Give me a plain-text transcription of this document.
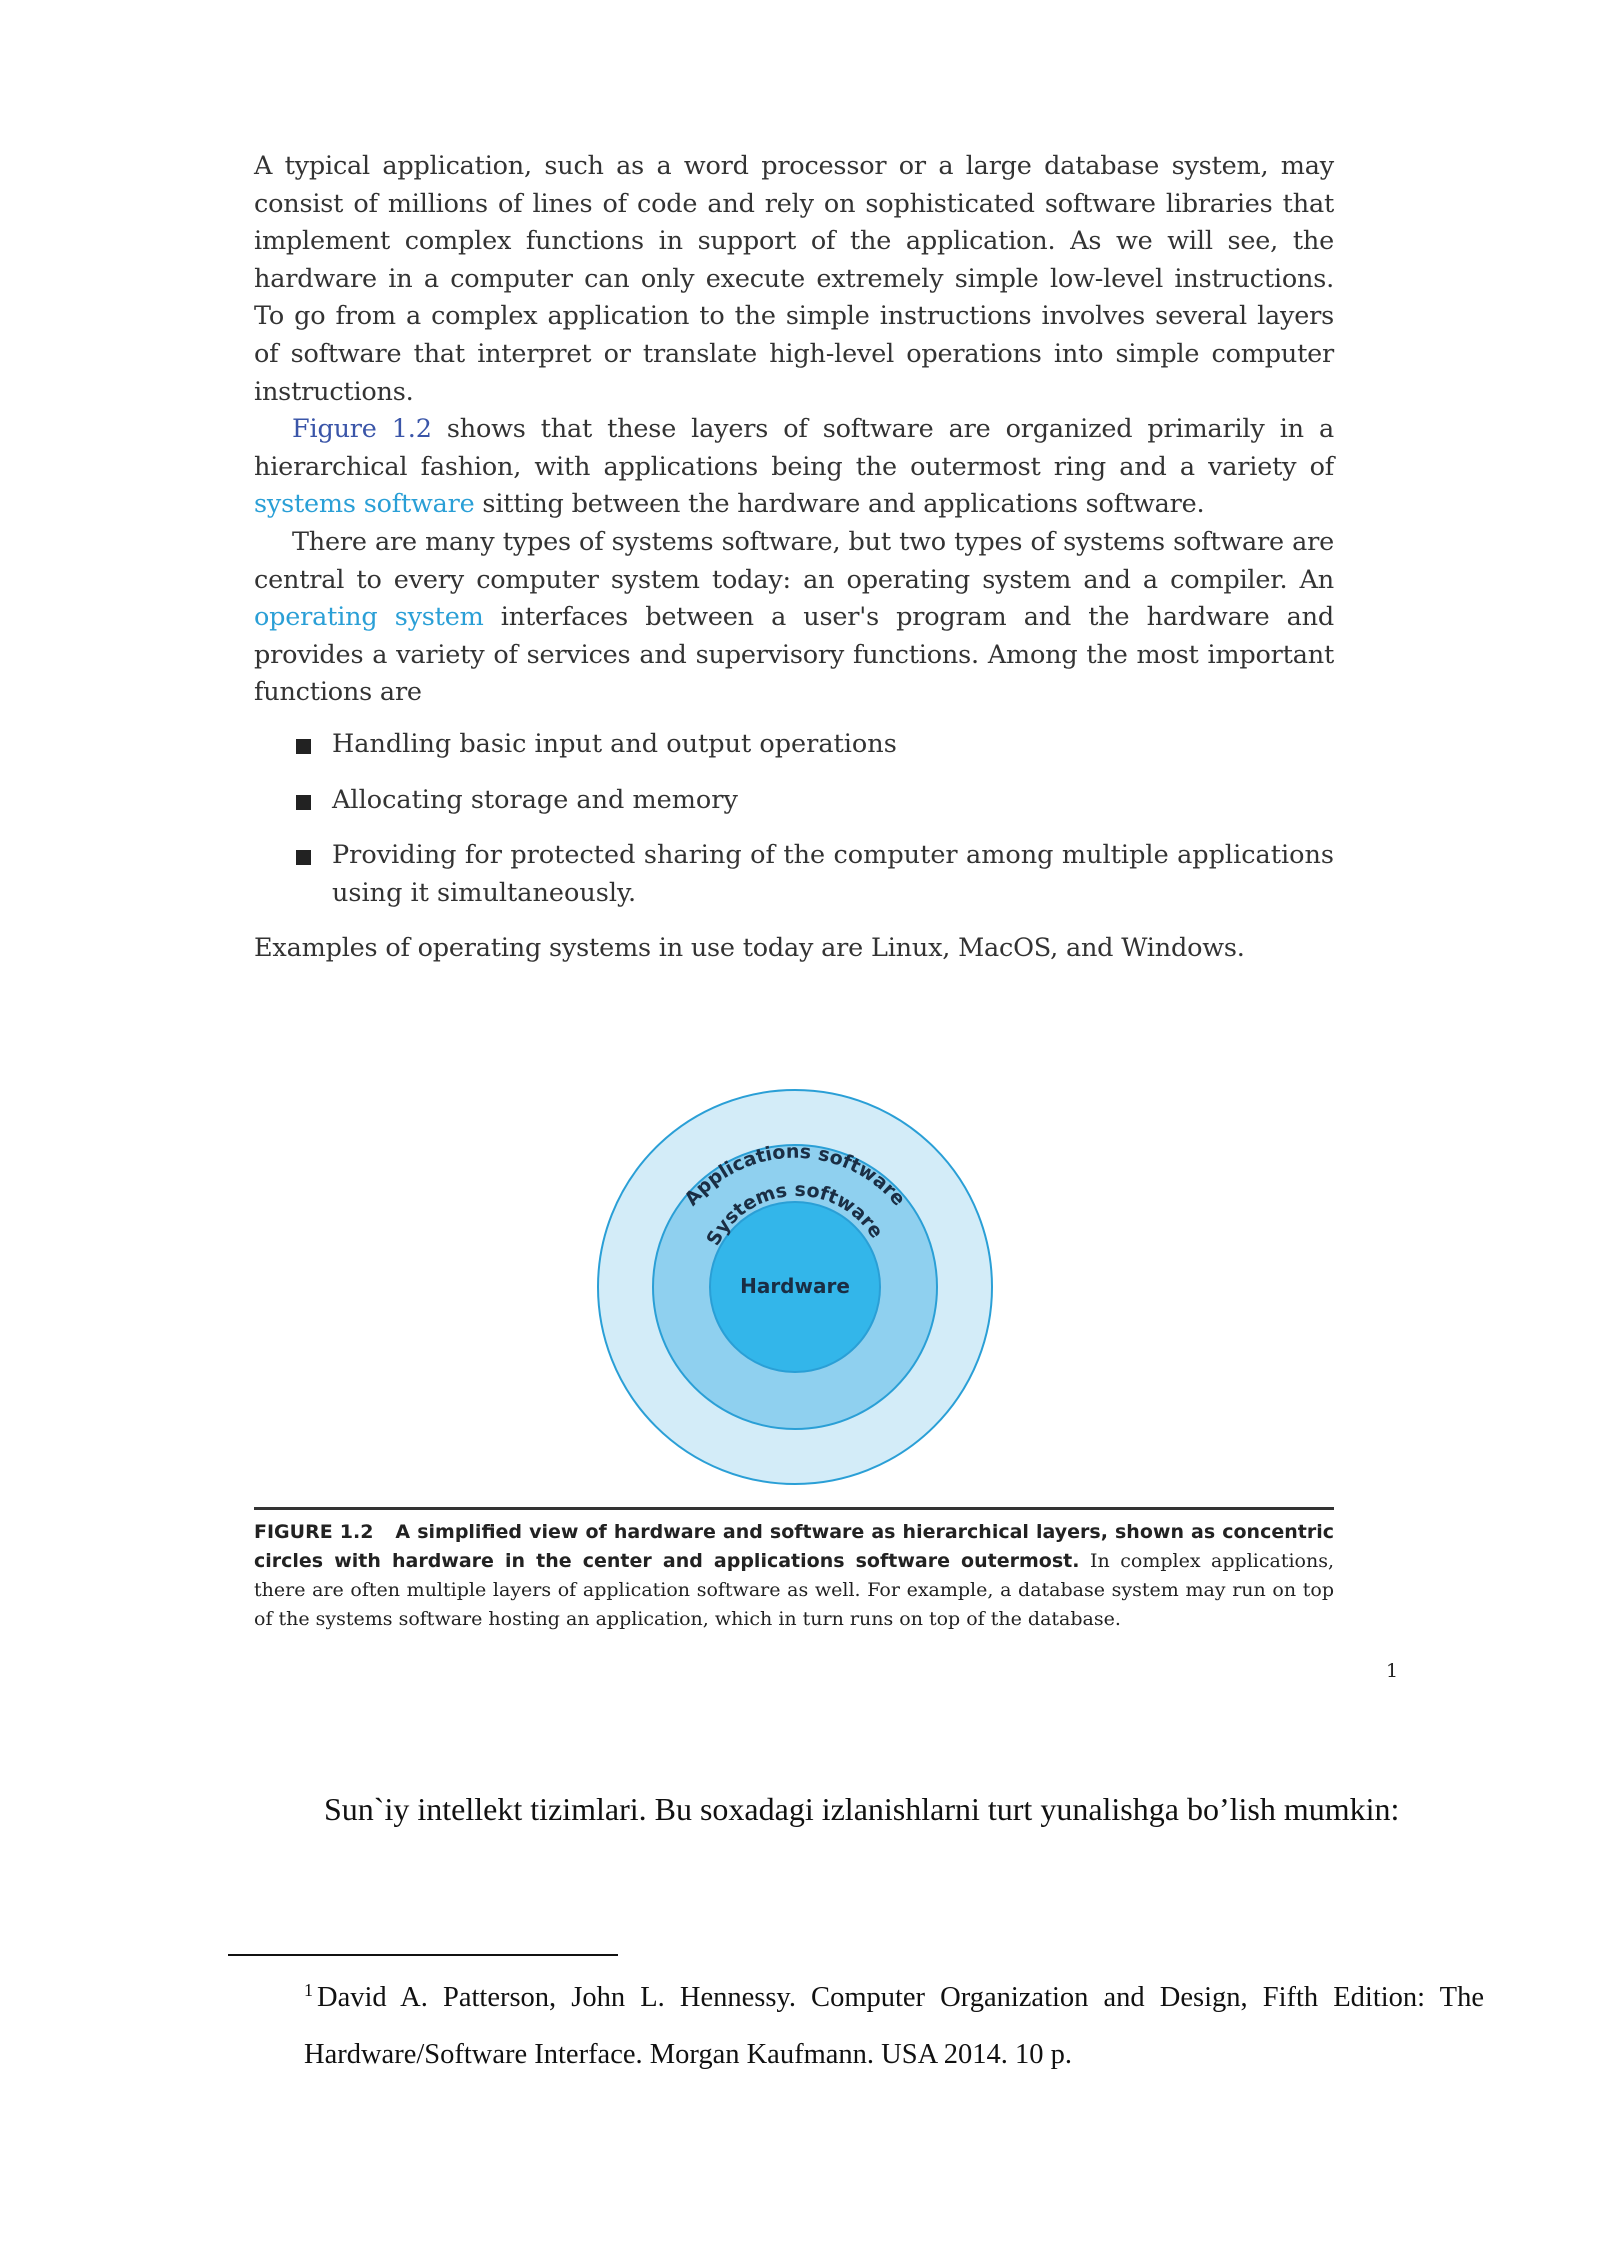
A typical application, such as a word processor or a large database system, may consist of millions of lines of code and rely on sophisticated software libraries that implement complex functions in support of the application. As we will see, the hardware in a computer can only execute extremely simple low-level instructions. To go from a complex application to the simple instructions involves several layers of software that interpret or translate high-level operations into simple computer instructions.

Figure 1.2 shows that these layers of software are organized primarily in a hierarchical fashion, with applications being the outermost ring and a variety of systems software sitting between the hardware and applications software.

There are many types of systems software, but two types of systems software are central to every computer system today: an operating system and a compiler. An operating system interfaces between a user's program and the hardware and provides a variety of services and supervisory functions. Among the most important functions are

Handling basic input and output operations
Allocating storage and memory
Providing for protected sharing of the computer among multiple applications using it simultaneously.

Examples of operating systems in use today are Linux, MacOS, and Windows.

Applications software
Systems software
Hardware
FIGURE 1.2 A simplified view of hardware and software as hierarchical layers, shown as concentric circles with hardware in the center and applications software outermost. In complex applications, there are often multiple layers of application software as well. For example, a database system may run on top of the systems software hosting an application, which in turn runs on top of the database.
1

Sun`iy intellekt tizimlari. Bu soxadagi izlanishlarni turt yunalishga bo’lish mumkin:

$^1$ David A. Patterson, John L. Hennessy. Computer Organization and Design, Fifth Edition: The Hardware/Software Interface. Morgan Kaufmann. USA 2014. 10 p.
